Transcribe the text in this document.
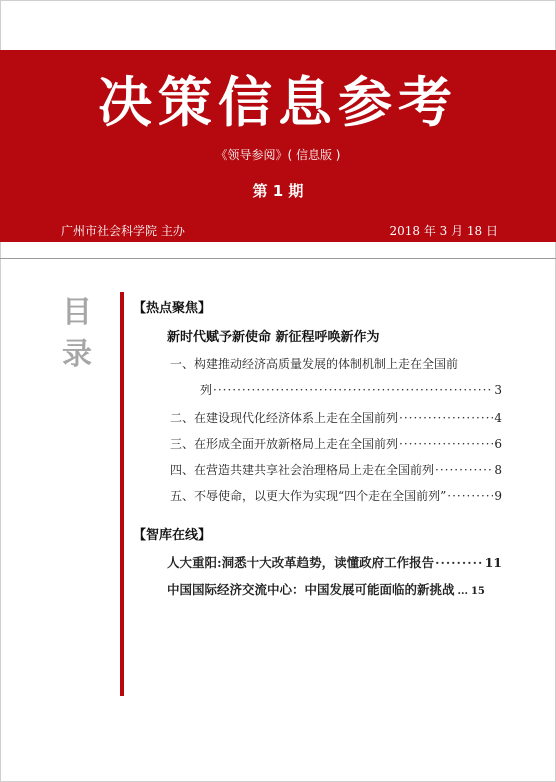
决策信息参考
《领导参阅》( 信息版 )
第 1 期
广州市社会科学院 主办	2018 年 3 月 18 日
目
录
【热点聚焦】
新时代赋予新使命 新征程呼唤新作为
一、构建推动经济高质量发展的体制机制上走在全国前
列 ·····	3
二、在建设现代化经济体系上走在全国前列 ·····	4
三、在形成全面开放新格局上走在全国前列 ·····	6
四、在营造共建共享社会治理格局上走在全国前列 ·····	8
五、不辱使命，以更大作为实现“四个走在全国前列” ·····	9
【智库在线】
人大重阳:洞悉十大改革趋势，读懂政府工作报告 ·····	11
中国国际经济交流中心：中国发展可能面临的新挑战 ... 15
